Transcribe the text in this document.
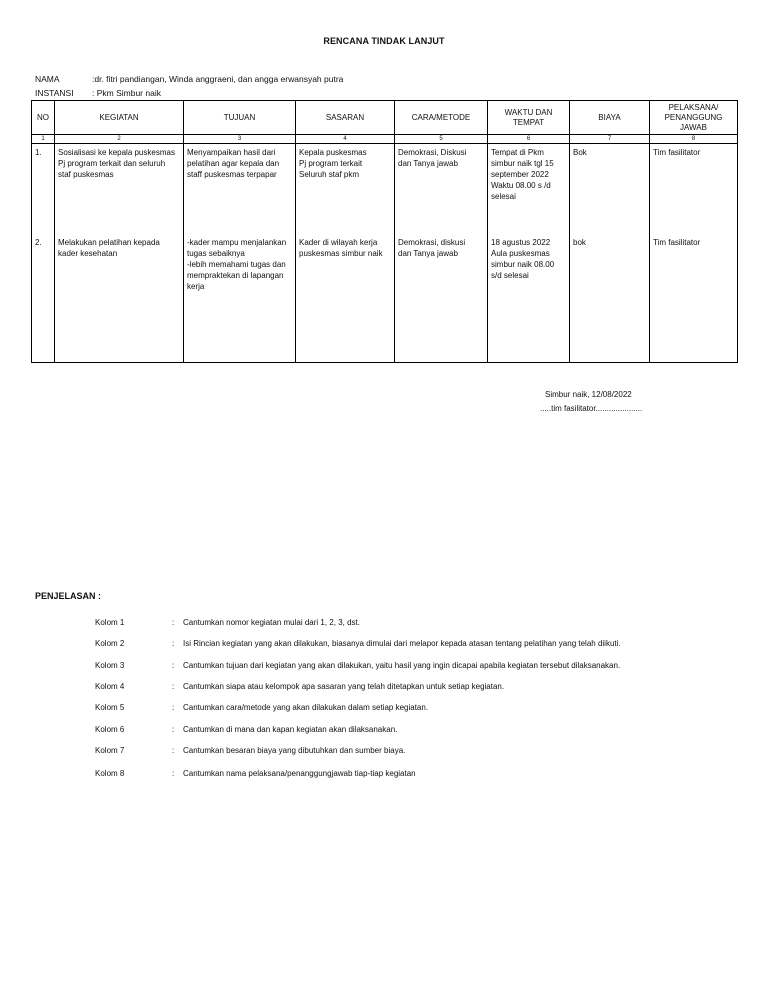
RENCANA TINDAK LANJUT
NAMA	:dr. fitri pandiangan, Winda anggraeni, dan angga erwansyah putra
INSTANSI : Pkm Simbur naik
NO	KEGIATAN	TUJUAN	SASARAN	CARA/METODE	WAKTU DAN TEMPAT	BIAYA	PELAKSANA/ PENANGGUNG JAWAB
1	2	3	4	5	6	7	8
1.	Sosialisasi ke kepala puskesmas
Pj program terkait dan seluruh
staf puskesmas	Menyampaikan hasil dari
pelatihan agar kepala dan
staff puskesmas terpapar	Kepala puskesmas
Pj program terkait
Seluruh staf pkm	Demokrasi, Diskusi
dan Tanya jawab	Tempat di Pkm
simbur naik tgl 15
september 2022
Waktu 08.00 s /d
selesai	Bok	Tim fasilitator
2.	Melakukan pelatihan kepada
kader kesehatan	-kader mampu menjalankan
tugas sebaiknya
-lebih memahami tugas dan
mempraktekan di lapangan
kerja	Kader di wilayah kerja
puskesmas simbur naik	Demokrasi, diskusi
dan Tanya jawab	18 agustus 2022
Aula puskesmas
simbur naik 08.00
s/d selesai	bok	Tim fasilitator
Simbur naik, 12/08/2022
.....tim fasilitator.....................
PENJELASAN :
Kolom 1	: Cantumkan nomor kegiatan mulai dari 1, 2, 3, dst.
Kolom 2	: Isi Rincian kegiatan yang akan dilakukan, biasanya dimulai dari melapor kepada atasan tentang pelatihan yang telah diikuti.
Kolom 3	: Cantumkan tujuan dari kegiatan yang akan dilakukan, yaitu hasil yang ingin dicapai apabila kegiatan tersebut dilaksanakan.
Kolom 4	: Cantumkan siapa atau kelompok apa sasaran yang telah ditetapkan untuk setiap kegiatan.
Kolom 5	: Cantumkan cara/metode yang akan dilakukan dalam setiap kegiatan.
Kolom 6	: Cantumkan di mana dan kapan kegiatan akan dilaksanakan.
Kolom 7	: Cantumkan besaran biaya yang dibutuhkan dan sumber biaya.
Kolom 8	: Cantumkan nama pelaksana/penanggungjawab tiap-tiap kegiatan
